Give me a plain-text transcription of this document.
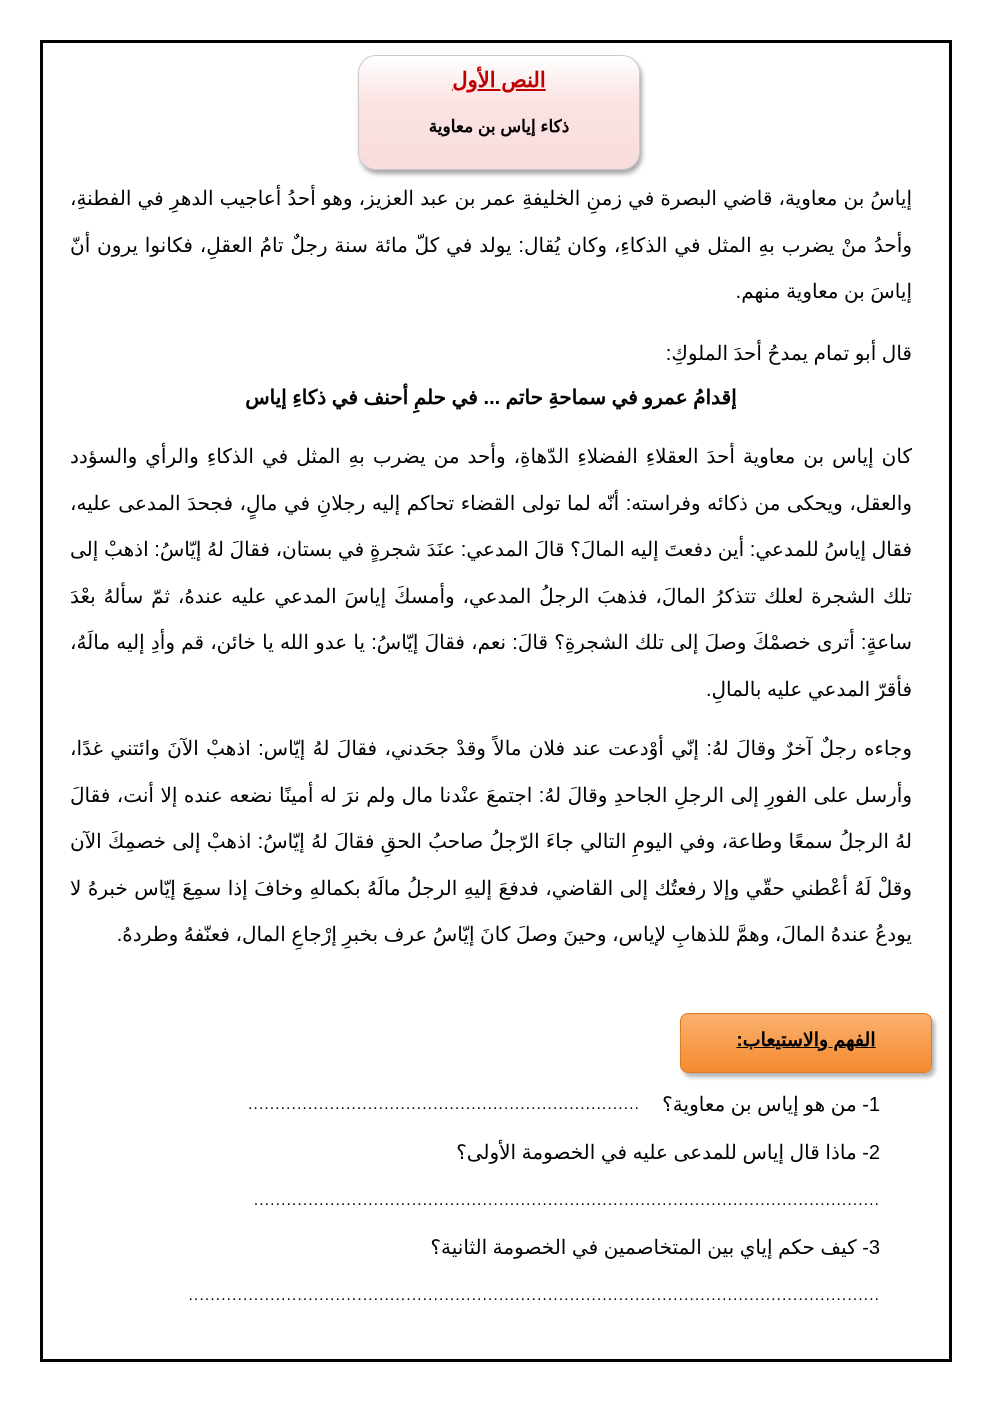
النص الأول
ذكاء إياس بن معاوية
إياسُ بن معاوية، قاضي البصرة في زمنِ الخليفةِ عمر بن عبد العزيز، وهو أحدُ أعاجيب الدهرِ في الفطنةِ، وأحدُ منْ يضرب بهِ المثل في الذكاءِ، وكان يُقال: يولد في كلّ مائة سنة رجلٌ تامُ العقلِ، فكانوا يرون أنّ إياسَ بن معاوية منهم.
قال أبو تمام يمدحُ أحدَ الملوكِ:
إقدامُ عمرو في سماحةِ حاتم ... في حلمِ أحنف في ذكاءِ إياس
كان إياس بن معاوية أحدَ العقلاءِ الفضلاءِ الدّهاةِ، وأحد من يضرب بهِ المثل في الذكاءِ والرأي والسؤدد والعقل، ويحكى من ذكائه وفراسته: أنّه لما تولى القضاء تحاكم إليه رجلانِ في مالٍ، فجحدَ المدعى عليه، فقال إياسُ للمدعي: أين دفعتَ إليه المالَ؟ قالَ المدعي: عنَدَ شجرةٍ في بستان، فقالَ لهُ إيّاسُ: اذهبْ إلى تلك الشجرة لعلك تتذكرُ المالَ، فذهبَ الرجلُ المدعي، وأمسكَ إياسَ المدعي عليه عندهُ، ثمّ سألهُ بعْدَ ساعةٍ: أترى خصمْكَ وصلَ إلى تلك الشجرةِ؟ قالَ: نعم، فقالَ إيّاسُ: يا عدو الله يا خائن، قم وأدِ إليه مالَهُ، فأقرّ المدعي عليه بالمالِ.
وجاءه رجلٌ آخرٌ وقالَ لهُ: إنّي أوْدعت عند فلان مالاً وقدْ جحَدني، فقالَ لهُ إيّاس: اذهبْ الآنَ وائتني غدًا، وأرسل على الفورِ إلى الرجلِ الجاحدِ وقالَ لهُ: اجتمعَ عنْدنا مال ولم نرَ له أمينًا نضعه عنده إلا أنت، فقالَ لهُ الرجلُ سمعًا وطاعة، وفي اليومِ التالي جاءَ الرّجلُ صاحبُ الحقِ فقالَ لهُ إيّاسُ: اذهبْ إلى خصمِكَ الآن وقلْ لَهُ أعْطني حقّي وإلا رفعتُك إلى القاضي، فدفعَ إليهِ الرجلُ مالَهُ بكمالهِ وخافَ إذا سمِعَ إيّاس خبرهُ لا يودعُ عندهُ المالَ، وهمَّ للذهابِ لإياس، وحينَ وصلَ كانَ إيّاسُ عرف بخبرِ إرْجاعِ المال، فعنّفهُ وطردهُ.
الفهم والاستيعاب:
1- من هو إياس بن معاوية؟
........................................................................
2- ماذا قال إياس للمدعى عليه في الخصومة الأولى؟
...................................................................................................................
3- كيف حكم إياي بين المتخاصمين في الخصومة الثانية؟
...............................................................................................................................
